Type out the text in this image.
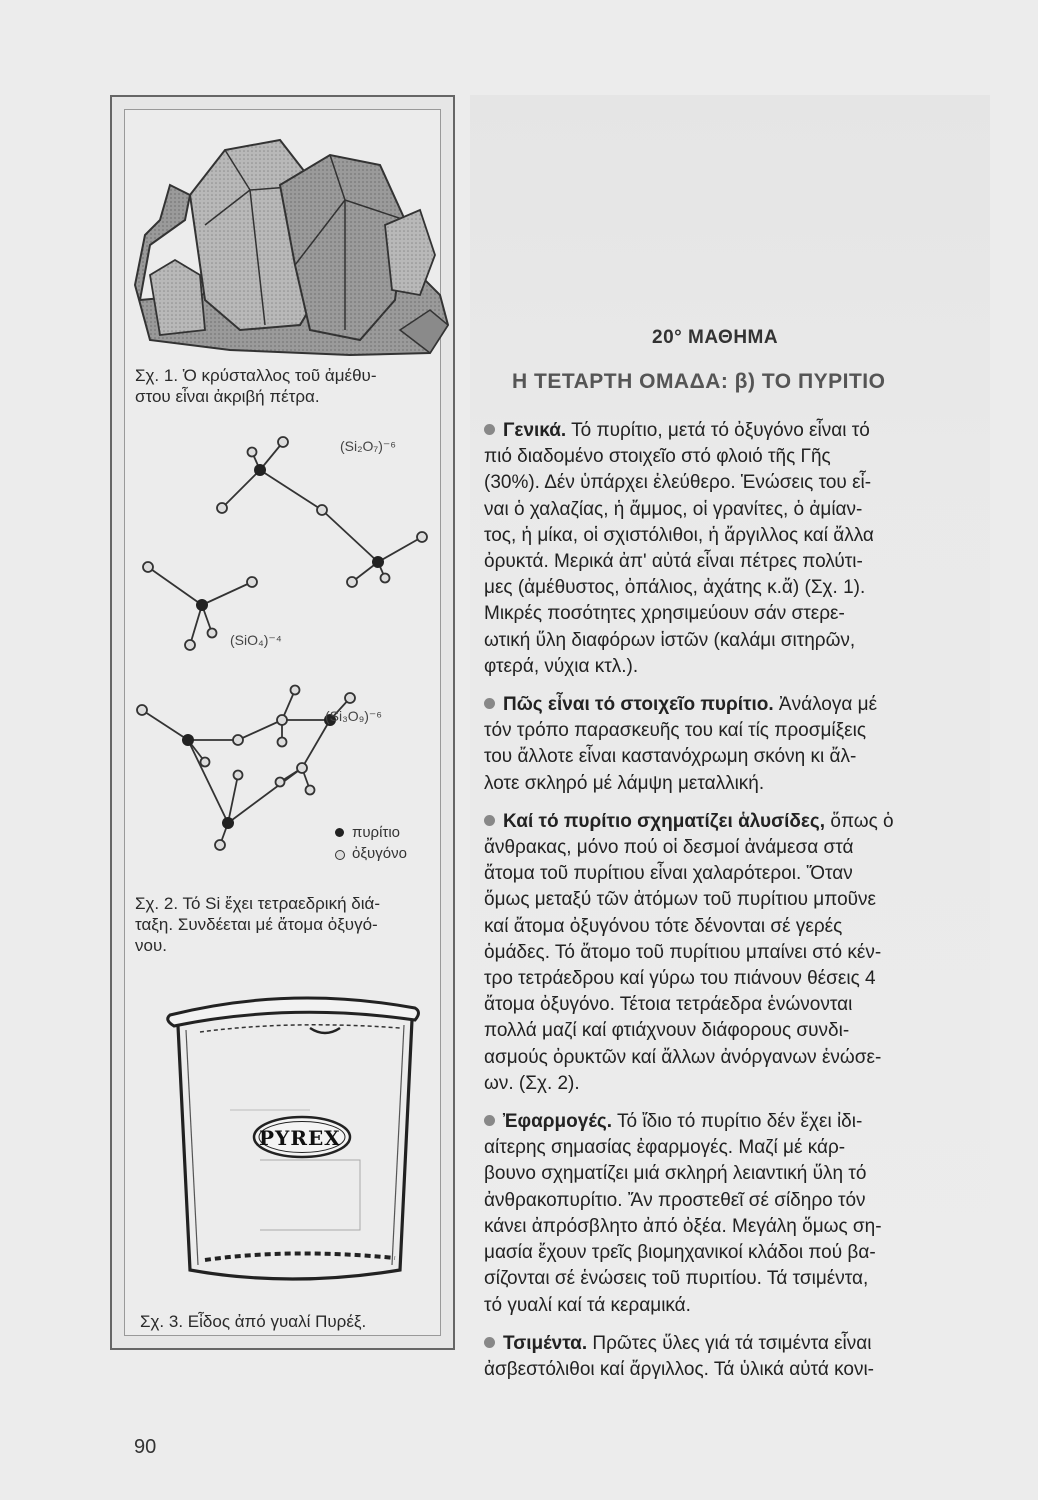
Σχ. 1. Ὁ κρύσταλλος τοῦ ἀμέθυ-
στου εἶναι ἀκριβή πέτρα.
(Si₂O₇)⁻⁶
(SiO₄)⁻⁴
(Si₃O₉)⁻⁶
πυρίτιο
ὀξυγόνο
Σχ. 2. Τό Si ἔχει τετραεδρική διά-
ταξη. Συνδέεται μέ ἄτομα ὀξυγό-
νου.
PYREX
Σχ. 3. Εἶδος ἀπό γυαλί Πυρέξ.
20° ΜΑΘΗΜΑ
Η ΤΕΤΑΡΤΗ ΟΜΑΔΑ: β) ΤΟ ΠΥΡΙΤΙΟ
Γενικά. Τό πυρίτιο, μετά τό ὀξυγόνο εἶναι τό
πιό διαδομένο στοιχεῖο στό φλοιό τῆς Γῆς
(30%). Δέν ὑπάρχει ἐλεύθερο. Ἑνώσεις του εἶ-
ναι ὁ χαλαζίας, ἡ ἄμμος, οἱ γρανίτες, ὁ ἀμίαν-
τος, ἡ μίκα, οἱ σχιστόλιθοι, ἡ ἄργιλλος καί ἄλλα
ὀρυκτά. Μερικά ἀπ' αὐτά εἶναι πέτρες πολύτι-
μες (ἀμέθυστος, ὀπάλιος, ἀχάτης κ.ἄ) (Σχ. 1).
Μικρές ποσότητες χρησιμεύουν σάν στερε-
ωτική ὕλη διαφόρων ἱστῶν (καλάμι σιτηρῶν,
φτερά, νύχια κτλ.).
Πῶς εἶναι τό στοιχεῖο πυρίτιο. Ἀνάλογα μέ
τόν τρόπο παρασκευῆς του καί τίς προσμίξεις
του ἄλλοτε εἶναι καστανόχρωμη σκόνη κι ἄλ-
λοτε σκληρό μέ λάμψη μεταλλική.
Καί τό πυρίτιο σχηματίζει ἁλυσίδες, ὅπως ὁ
ἄνθρακας, μόνο πού οἱ δεσμοί ἀνάμεσα στά
ἄτομα τοῦ πυρίτιου εἶναι χαλαρότεροι. Ὅταν
ὅμως μεταξύ τῶν ἀτόμων τοῦ πυρίτιου μποῦνε
καί ἄτομα ὀξυγόνου τότε δένονται σέ γερές
ὁμάδες. Τό ἄτομο τοῦ πυρίτιου μπαίνει στό κέν-
τρο τετράεδρου καί γύρω του πιάνουν θέσεις 4
ἄτομα ὀξυγόνο. Τέτοια τετράεδρα ἑνώνονται
πολλά μαζί καί φτιάχνουν διάφορους συνδι-
ασμούς ὀρυκτῶν καί ἄλλων ἀνόργανων ἑνώσε-
ων. (Σχ. 2).
Ἐφαρμογές. Τό ἴδιο τό πυρίτιο δέν ἔχει ἰδι-
αίτερης σημασίας ἐφαρμογές. Μαζί μέ κάρ-
βουνο σχηματίζει μιά σκληρή λειαντική ὕλη τό
ἀνθρακοπυρίτιο. Ἄν προστεθεῖ σέ σίδηρο τόν
κάνει ἀπρόσβλητο ἀπό ὀξέα. Μεγάλη ὅμως ση-
μασία ἔχουν τρεῖς βιομηχανικοί κλάδοι πού βα-
σίζονται σέ ἑνώσεις τοῦ πυριτίου. Τά τσιμέντα,
τό γυαλί καί τά κεραμικά.
Τσιμέντα. Πρῶτες ὕλες γιά τά τσιμέντα εἶναι
ἀσβεστόλιθοι καί ἄργιλλος. Τά ὑλικά αὐτά κονι-
90
